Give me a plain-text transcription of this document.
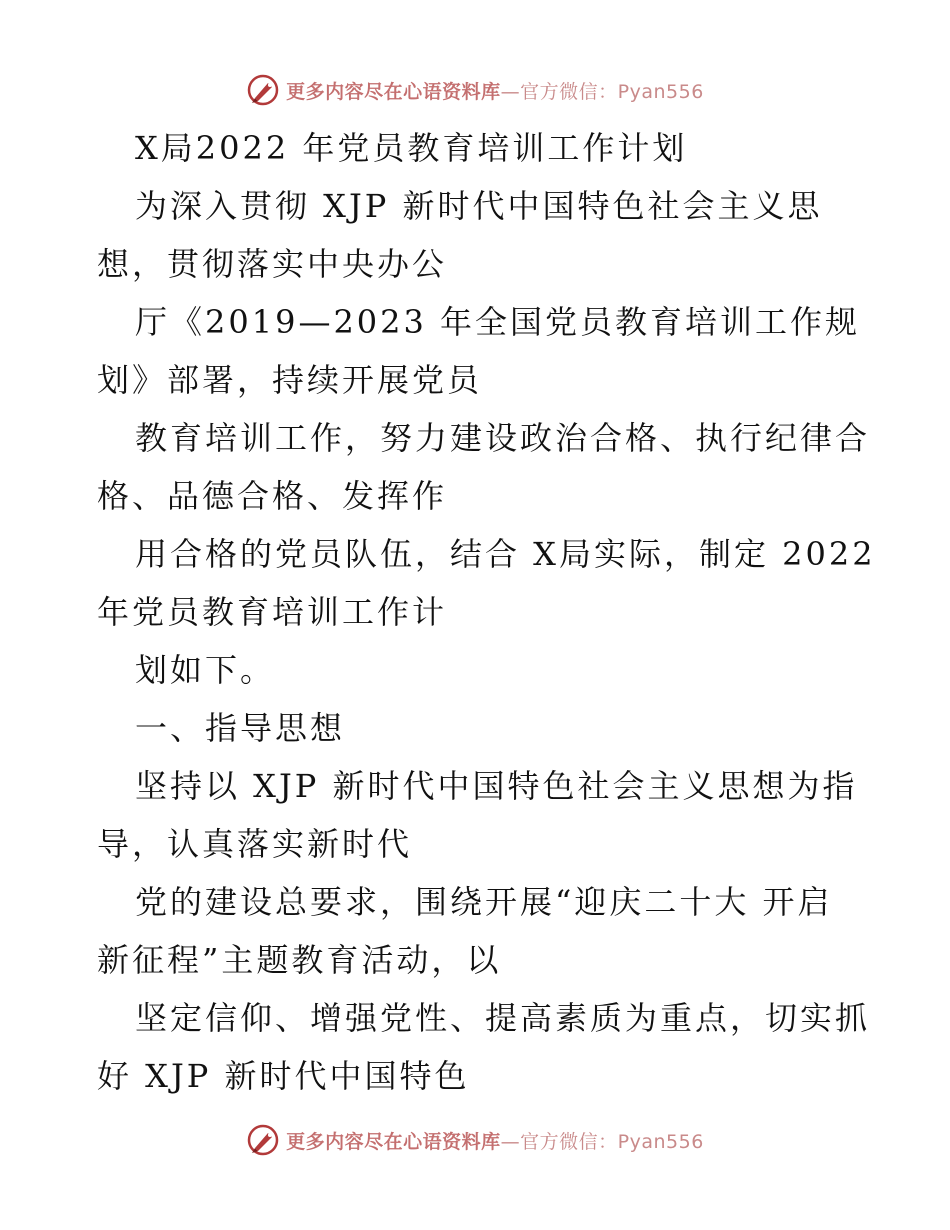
更多内容尽在心语资料库—官方微信：Pyan556
X局2022 年党员教育培训工作计划
为深入贯彻 XJP 新时代中国特色社会主义思
想，贯彻落实中央办公
厅《2019—2023 年全国党员教育培训工作规
划》部署，持续开展党员
教育培训工作，努力建设政治合格、执行纪律合
格、品德合格、发挥作
用合格的党员队伍，结合 X局实际，制定 2022
年党员教育培训工作计
划如下。
一、指导思想
坚持以 XJP 新时代中国特色社会主义思想为指
导，认真落实新时代
党的建设总要求，围绕开展“迎庆二十大 开启
新征程”主题教育活动，以
坚定信仰、增强党性、提高素质为重点，切实抓
好 XJP 新时代中国特色
更多内容尽在心语资料库—官方微信：Pyan556
